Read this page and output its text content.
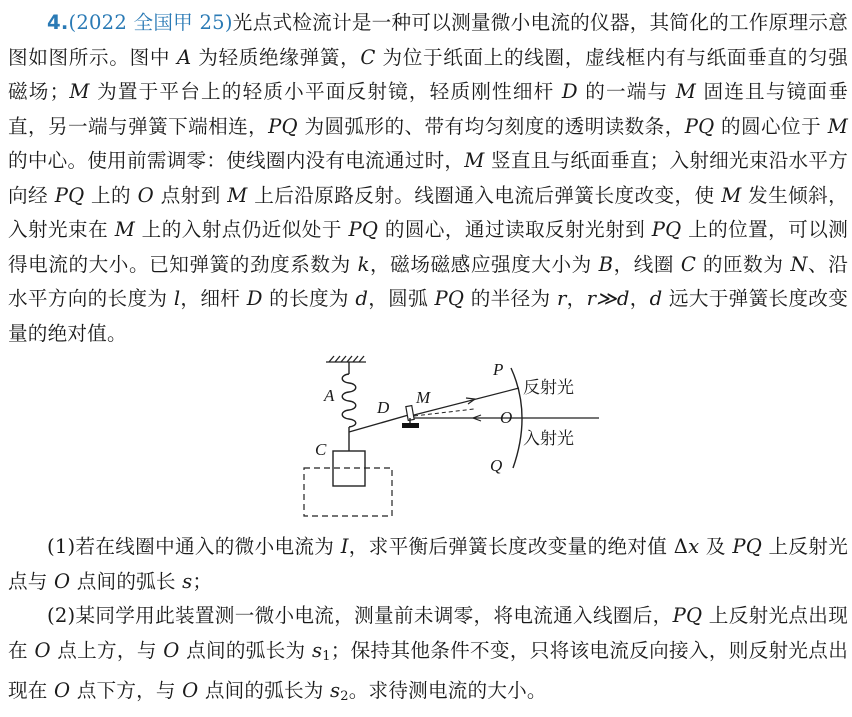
4.(2022 全国甲 25)光点式检流计是一种可以测量微小电流的仪器，其简化的工作原理示意图如图所示。图中 A 为轻质绝缘弹簧，C 为位于纸面上的线圈，虚线框内有与纸面垂直的匀强磁场；M 为置于平台上的轻质小平面反射镜，轻质刚性细杆 D 的一端与 M 固连且与镜面垂直，另一端与弹簧下端相连，PQ 为圆弧形的、带有均匀刻度的透明读数条，PQ 的圆心位于 M 的中心。使用前需调零：使线圈内没有电流通过时，M 竖直且与纸面垂直；入射细光束沿水平方向经 PQ 上的 O 点射到 M 上后沿原路反射。线圈通入电流后弹簧长度改变，使 M 发生倾斜，入射光束在 M 上的入射点仍近似处于 PQ 的圆心，通过读取反射光射到 PQ 上的位置，可以测得电流的大小。已知弹簧的劲度系数为 k，磁场磁感应强度大小为 B，线圈 C 的匝数为 N、沿水平方向的长度为 l，细杆 D 的长度为 d，圆弧 PQ 的半径为 r，r≫d，d 远大于弹簧长度改变量的绝对值。

A
C
D
M
P
O
Q
反射光
入射光

(1)若在线圈中通入的微小电流为 I，求平衡后弹簧长度改变量的绝对值 Δx 及 PQ 上反射光点与 O 点间的弧长 s；

(2)某同学用此装置测一微小电流，测量前未调零，将电流通入线圈后，PQ 上反射光点出现在 O 点上方，与 O 点间的弧长为 $s_1$；保持其他条件不变，只将该电流反向接入，则反射光点出现在 O 点下方，与 O 点间的弧长为 $s_2$。求待测电流的大小。
